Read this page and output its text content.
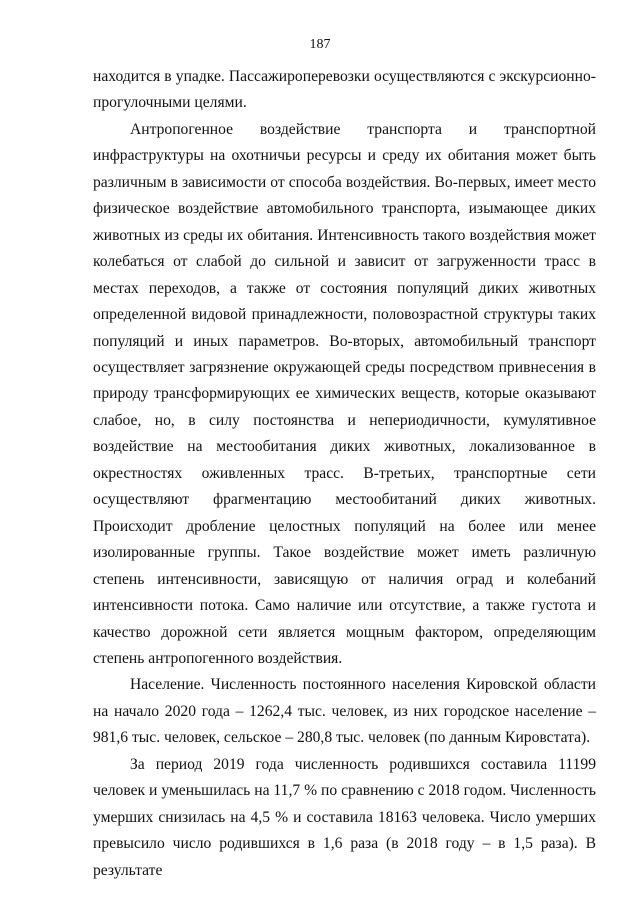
187

находится в упадке. Пассажироперевозки осуществляются с экскурсионно-прогулочными целями.

Антропогенное воздействие транспорта и транспортной инфраструктуры на охотничьи ресурсы и среду их обитания может быть различным в зависимости от способа воздействия. Во-первых, имеет место физическое воздействие автомобильного транспорта, изымающее диких животных из среды их обитания. Интенсивность такого воздействия может колебаться от слабой до сильной и зависит от загруженности трасс в местах переходов, а также от состояния популяций диких животных определенной видовой принадлежности, половозрастной структуры таких популяций и иных параметров. Во-вторых, автомобильный транспорт осуществляет загрязнение окружающей среды посредством привнесения в природу трансформирующих ее химических веществ, которые оказывают слабое, но, в силу постоянства и непериодичности, кумулятивное воздействие на местообитания диких животных, локализованное в окрестностях оживленных трасс. В-третьих, транспортные сети осуществляют фрагментацию местообитаний диких животных. Происходит дробление целостных популяций на более или менее изолированные группы. Такое воздействие может иметь различную степень интенсивности, зависящую от наличия оград и колебаний интенсивности потока. Само наличие или отсутствие, а также густота и качество дорожной сети является мощным фактором, определяющим степень антропогенного воздействия.

Население. Численность постоянного населения Кировской области на начало 2020 года – 1262,4 тыс. человек, из них городское население – 981,6 тыс. человек, сельское – 280,8 тыс. человек (по данным Кировстата).

За период 2019 года численность родившихся составила 11199 человек и уменьшилась на 11,7 % по сравнению с 2018 годом. Численность умерших снизилась на 4,5 % и составила 18163 человека. Число умерших превысило число родившихся в 1,6 раза (в 2018 году – в 1,5 раза). В результате
